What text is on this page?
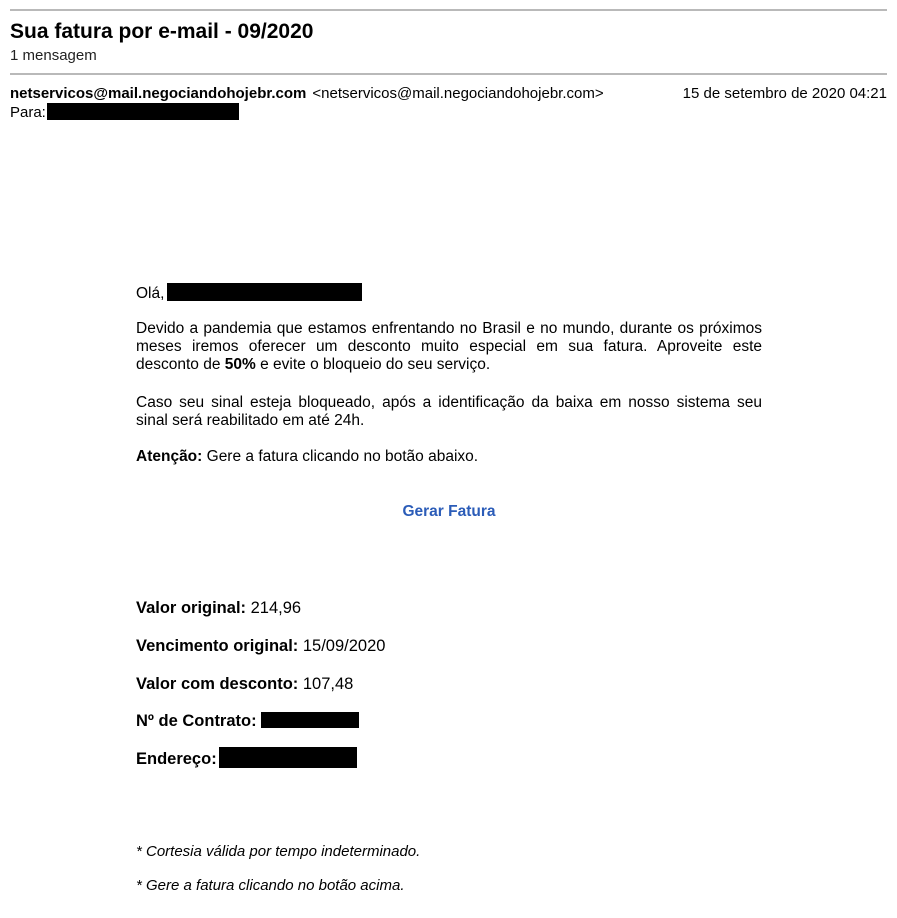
Sua fatura por e-mail - 09/2020
1 mensagem
netservicos@mail.negociandohojebr.com <netservicos@mail.negociandohojebr.com>	15 de setembro de 2020 04:21
Para:

Olá,

Devido a pandemia que estamos enfrentando no Brasil e no mundo, durante os próximos meses iremos oferecer um desconto muito especial em sua fatura. Aproveite este desconto de 50% e evite o bloqueio do seu serviço.

Caso seu sinal esteja bloqueado, após a identificação da baixa em nosso sistema seu sinal será reabilitado em até 24h.

Atenção: Gere a fatura clicando no botão abaixo.

Gerar Fatura
Valor original: 214,96
Vencimento original: 15/09/2020
Valor com desconto: 107,48
Nº de Contrato:
Endereço:
* Cortesia válida por tempo indeterminado.
* Gere a fatura clicando no botão acima.
